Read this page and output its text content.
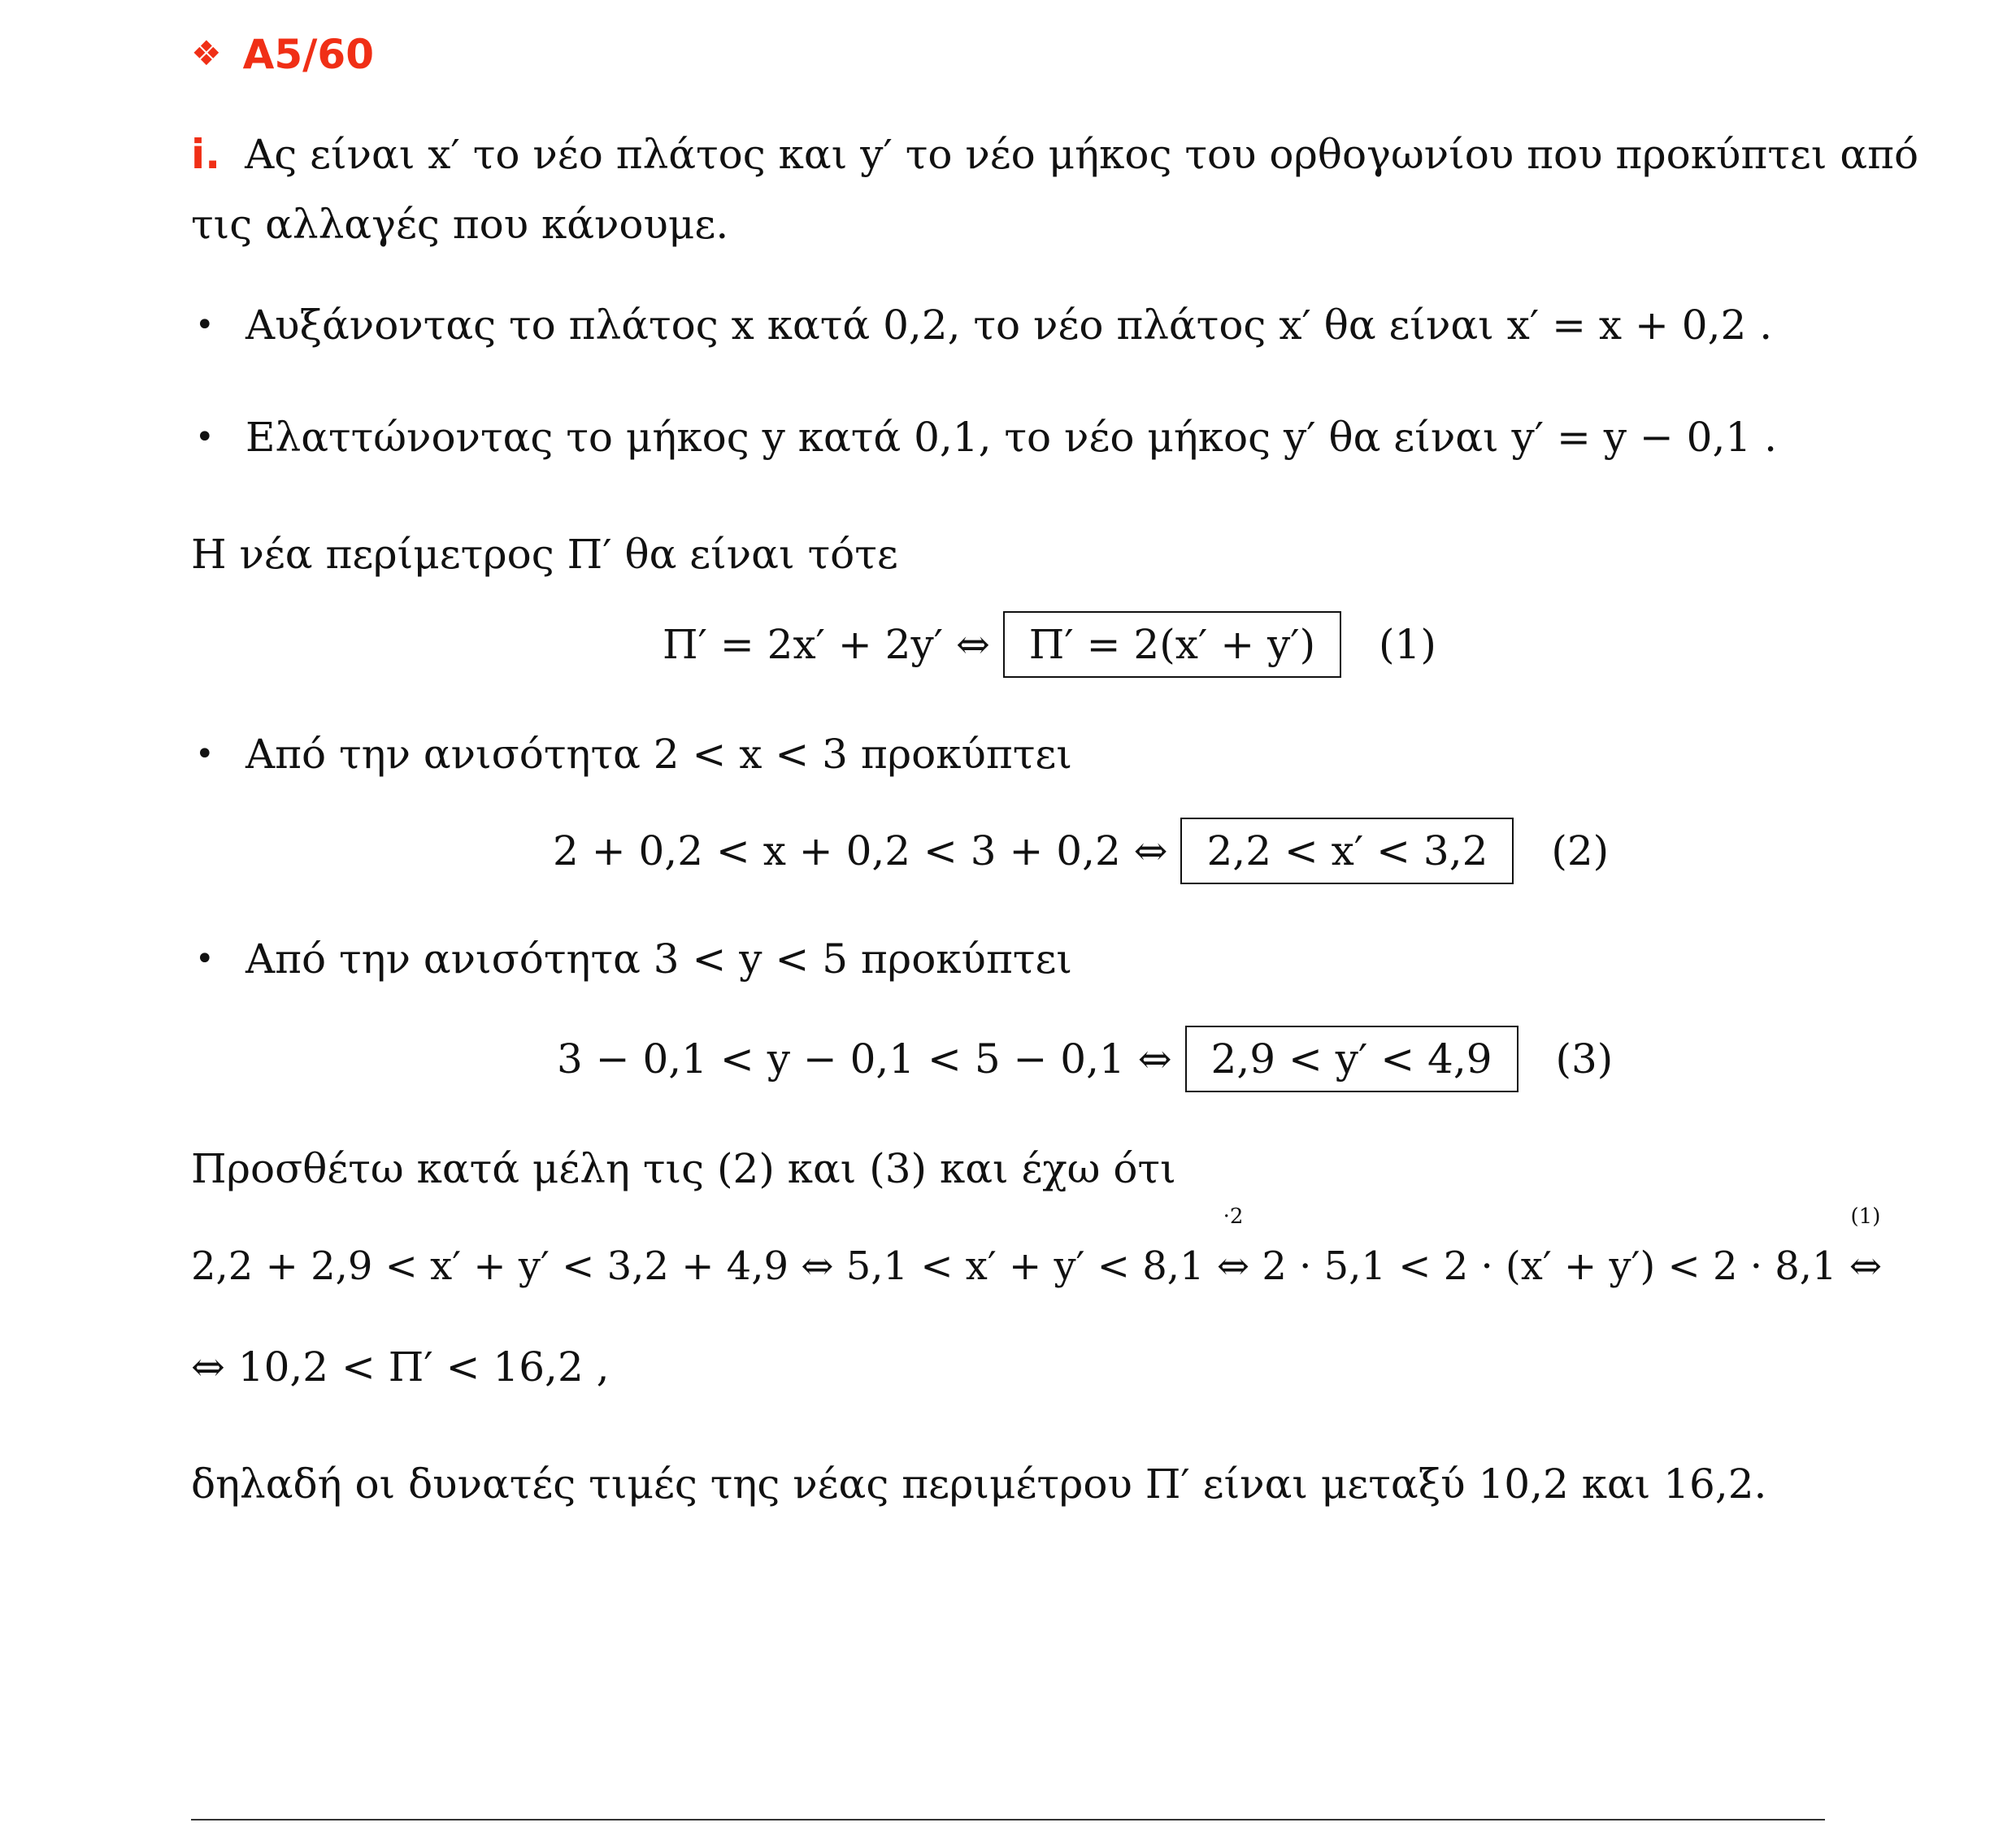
❖ A5/60
i. Ας είναι x′ το νέο πλάτος και y′ το νέο μήκος του ορθογωνίου που προκύπτει από
τις αλλαγές που κάνουμε.
• Αυξάνοντας το πλάτος x κατά 0,2, το νέο πλάτος x′ θα είναι x′ = x + 0,2 .
• Ελαττώνοντας το μήκος y κατά 0,1, το νέο μήκος y′ θα είναι y′ = y − 0,1 .
Η νέα περίμετρος Π′ θα είναι τότε
Π′ = 2x′ + 2y′ ⇔ Π′ = 2(x′ + y′) (1)
• Από την ανισότητα 2 < x < 3 προκύπτει
2 + 0,2 < x + 0,2 < 3 + 0,2 ⇔ 2,2 < x′ < 3,2 (2)
• Από την ανισότητα 3 < y < 5 προκύπτει
3 − 0,1 < y − 0,1 < 5 − 0,1 ⇔ 2,9 < y′ < 4,9 (3)
Προσθέτω κατά μέλη τις (2) και (3) και έχω ότι
2,2 + 2,9 < x′ + y′ < 3,2 + 4,9 ⇔ 5,1 < x′ + y′ < 8,1
·2
⇔ 2 · 5,1 < 2 · (x′ + y′) < 2 · 8,1
(1)
⇔
⇔ 10,2 < Π′ < 16,2 ,
δηλαδή οι δυνατές τιμές της νέας περιμέτρου Π′ είναι μεταξύ 10,2 και 16,2.
